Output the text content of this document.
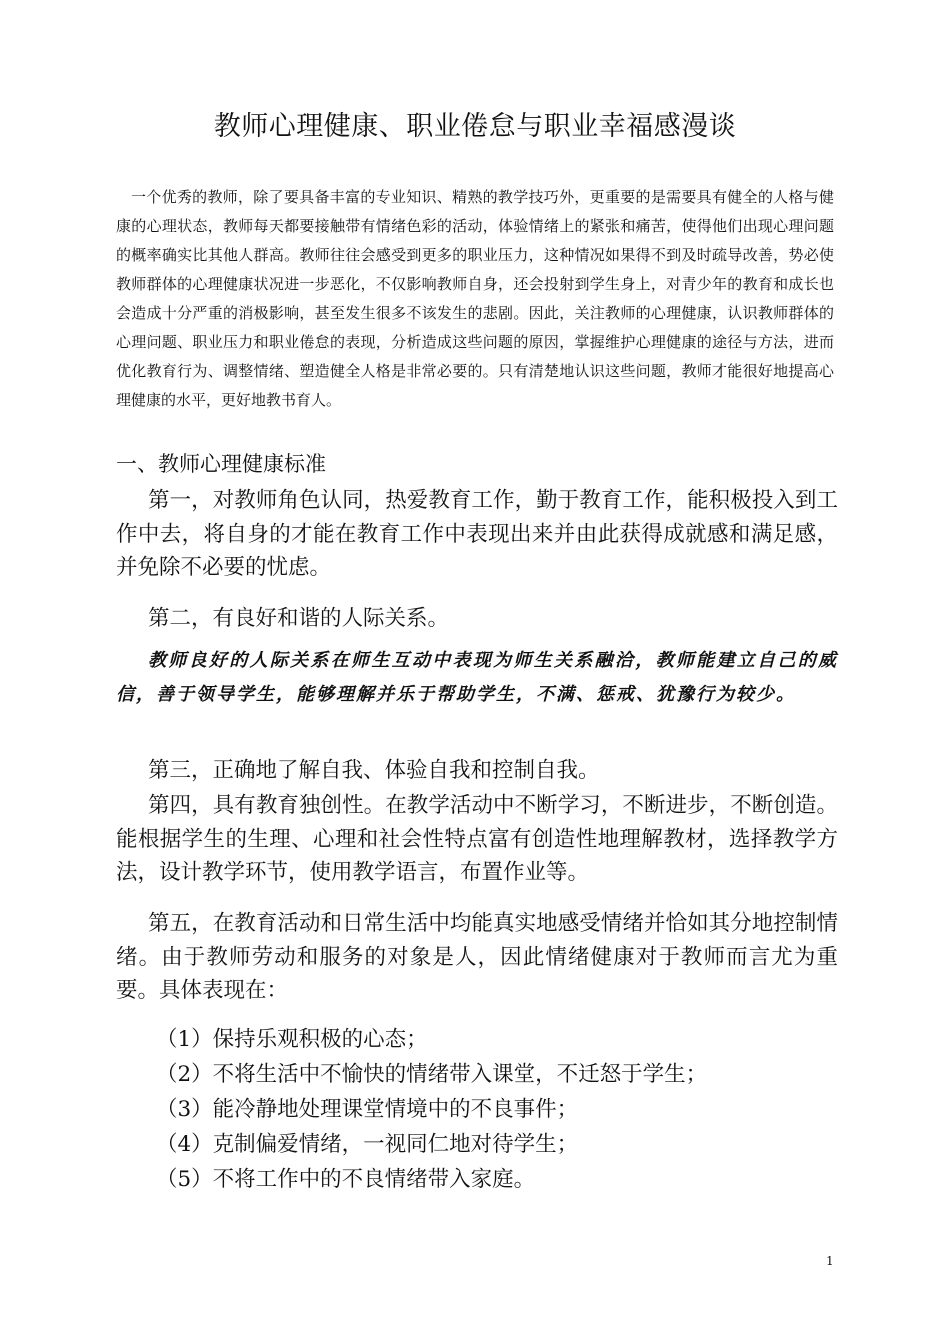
教师心理健康、职业倦怠与职业幸福感漫谈

一个优秀的教师，除了要具备丰富的专业知识、精熟的教学技巧外，更重要的是需要具有健全的人格与健康的心理状态，教师每天都要接触带有情绪色彩的活动，体验情绪上的紧张和痛苦，使得他们出现心理问题的概率确实比其他人群高。教师往往会感受到更多的职业压力，这种情况如果得不到及时疏导改善，势必使教师群体的心理健康状况进一步恶化，不仅影响教师自身，还会投射到学生身上，对青少年的教育和成长也会造成十分严重的消极影响，甚至发生很多不该发生的悲剧。因此，关注教师的心理健康，认识教师群体的心理问题、职业压力和职业倦怠的表现，分析造成这些问题的原因，掌握维护心理健康的途径与方法，进而优化教育行为、调整情绪、塑造健全人格是非常必要的。只有清楚地认识这些问题，教师才能很好地提高心理健康的水平，更好地教书育人。

一、教师心理健康标准

第一，对教师角色认同，热爱教育工作，勤于教育工作，能积极投入到工作中去，将自身的才能在教育工作中表现出来并由此获得成就感和满足感，并免除不必要的忧虑。

第二，有良好和谐的人际关系。

教师良好的人际关系在师生互动中表现为师生关系融洽，教师能建立自己的威信，善于领导学生，能够理解并乐于帮助学生，不满、惩戒、犹豫行为较少。

第三，正确地了解自我、体验自我和控制自我。

第四，具有教育独创性。在教学活动中不断学习，不断进步，不断创造。能根据学生的生理、心理和社会性特点富有创造性地理解教材，选择教学方法，设计教学环节，使用教学语言，布置作业等。

第五，在教育活动和日常生活中均能真实地感受情绪并恰如其分地控制情绪。由于教师劳动和服务的对象是人，因此情绪健康对于教师而言尤为重要。具体表现在：

（1）保持乐观积极的心态；
（2）不将生活中不愉快的情绪带入课堂，不迁怒于学生；
（3）能冷静地处理课堂情境中的不良事件；
（4）克制偏爱情绪，一视同仁地对待学生；
（5）不将工作中的不良情绪带入家庭。
1
